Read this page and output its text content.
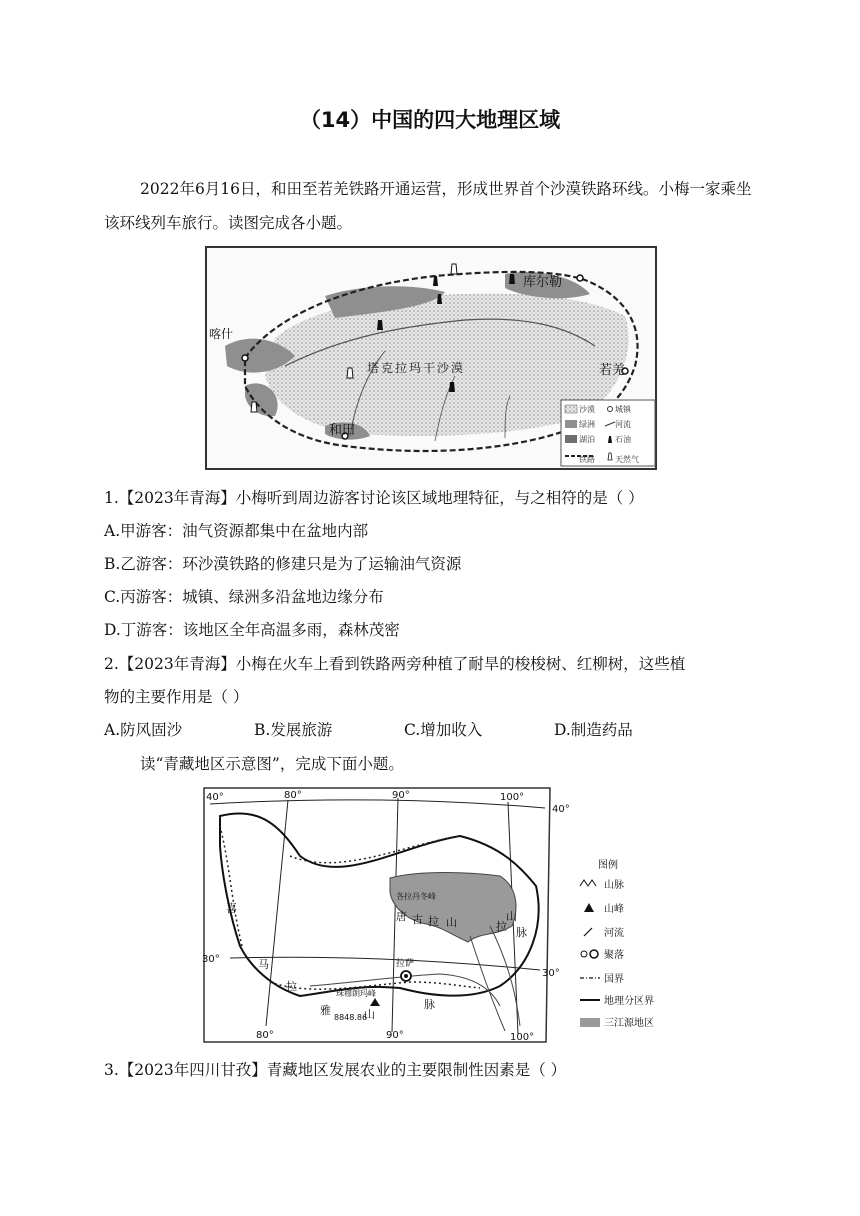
（14）中国的四大地理区域
2022年6月16日，和田至若羌铁路开通运营，形成世界首个沙漠铁路环线。小梅一家乘坐该环线列车旅行。读图完成各小题。
库尔勒
喀什
塔克拉玛干沙漠	若羌
和田
沙漠	城镇
绿洲	河流
湖泊	石油
铁路	天然气
1.【2023年青海】小梅听到周边游客讨论该区域地理特征，与之相符的是（ ）
A.甲游客：油气资源都集中在盆地内部
B.乙游客：环沙漠铁路的修建只是为了运输油气资源
C.丙游客：城镇、绿洲多沿盆地边缘分布
D.丁游客：该地区全年高温多雨，森林茂密
2.【2023年青海】小梅在火车上看到铁路两旁种植了耐旱的梭梭树、红柳树，这些植
物的主要作用是（ ）
A.防风固沙	B.发展旅游	C.增加收入	D.制造药品
读“青藏地区示意图”，完成下面小题。
40°
40°
30°
30°
80°	90°	100°
80°	90°	100°
各拉丹冬峰
拉萨
珠穆朗玛峰
8848.86
喜
马
拉
雅	山
脉
唐 古 拉 山	拉
山
脉
图例
山脉
山峰
河流
聚落
国界
地理分区界
三江源地区
3.【2023年四川甘孜】青藏地区发展农业的主要限制性因素是（ ）
